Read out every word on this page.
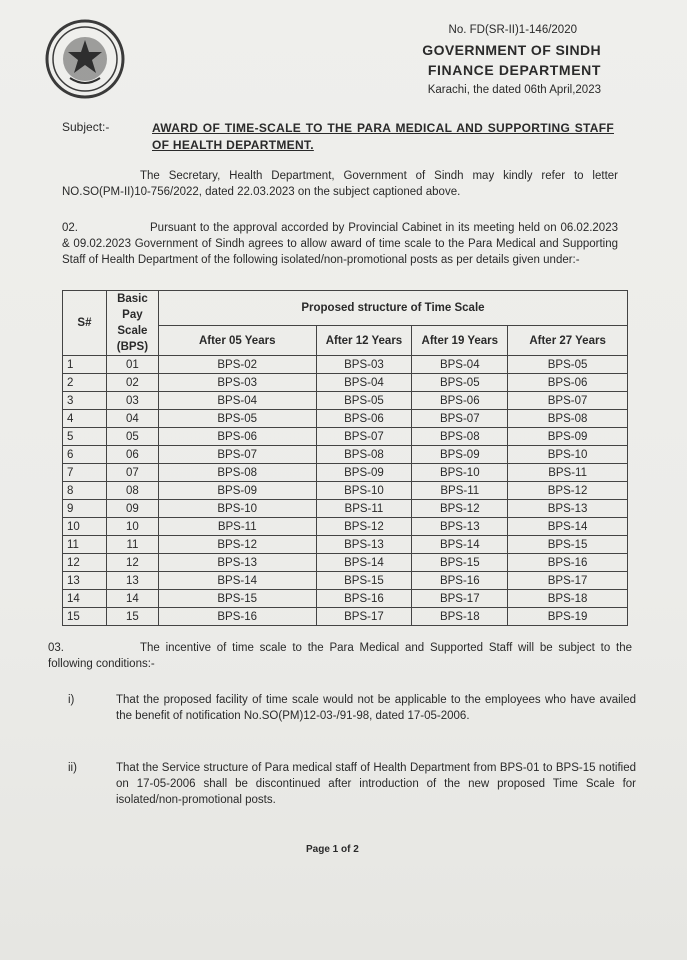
No. FD(SR-II)1-146/2020
GOVERNMENT OF SINDH
FINANCE DEPARTMENT
Karachi, the dated 06th April,2023
Subject:-	AWARD OF TIME-SCALE TO THE PARA MEDICAL AND SUPPORTING STAFF OF HEALTH DEPARTMENT.
The Secretary, Health Department, Government of Sindh may kindly refer to letter NO.SO(PM-II)10-756/2022, dated 22.03.2023 on the subject captioned above.
02.	Pursuant to the approval accorded by Provincial Cabinet in its meeting held on 06.02.2023 & 09.02.2023 Government of Sindh agrees to allow award of time scale to the Para Medical and Supporting Staff of Health Department of the following isolated/non-promotional posts as per details given under:-
S#	Basic Pay Scale (BPS)	Proposed structure of Time Scale			
		After 05 Years	After 12 Years	After 19 Years	After 27 Years
1	01	BPS-02	BPS-03	BPS-04	BPS-05
2	02	BPS-03	BPS-04	BPS-05	BPS-06
3	03	BPS-04	BPS-05	BPS-06	BPS-07
4	04	BPS-05	BPS-06	BPS-07	BPS-08
5	05	BPS-06	BPS-07	BPS-08	BPS-09
6	06	BPS-07	BPS-08	BPS-09	BPS-10
7	07	BPS-08	BPS-09	BPS-10	BPS-11
8	08	BPS-09	BPS-10	BPS-11	BPS-12
9	09	BPS-10	BPS-11	BPS-12	BPS-13
10	10	BPS-11	BPS-12	BPS-13	BPS-14
11	11	BPS-12	BPS-13	BPS-14	BPS-15
12	12	BPS-13	BPS-14	BPS-15	BPS-16
13	13	BPS-14	BPS-15	BPS-16	BPS-17
14	14	BPS-15	BPS-16	BPS-17	BPS-18
15	15	BPS-16	BPS-17	BPS-18	BPS-19
03.	The incentive of time scale to the Para Medical and Supported Staff will be subject to the following conditions:-
i)	That the proposed facility of time scale would not be applicable to the employees who have availed the benefit of notification No.SO(PM)12-03-/91-98, dated 17-05-2006.
ii)	That the Service structure of Para medical staff of Health Department from BPS-01 to BPS-15 notified on 17-05-2006 shall be discontinued after introduction of the new proposed Time Scale for isolated/non-promotional posts.
Page 1 of 2
